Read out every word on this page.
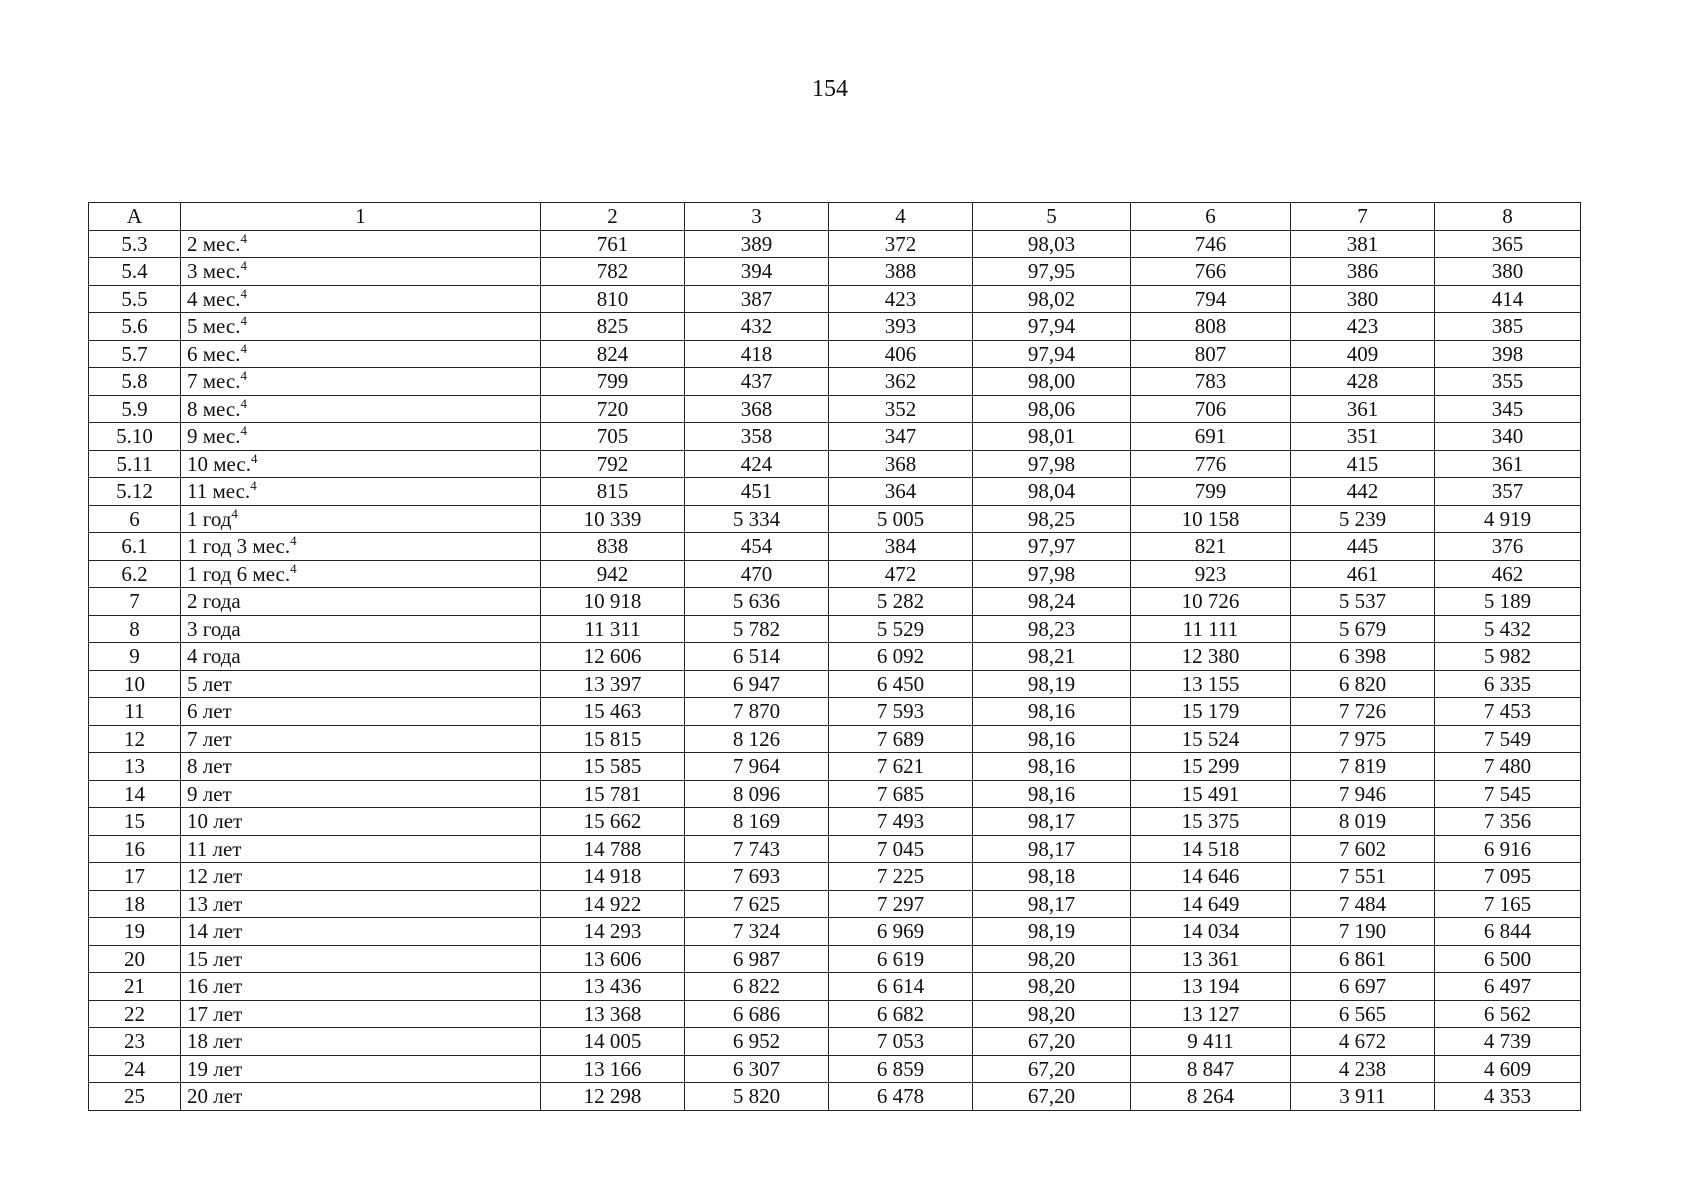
154
А	1	2	3	4	5	6	7	8
5.3	2 мес.$^4$	761	389	372	98,03	746	381	365
5.4	3 мес.$^4$	782	394	388	97,95	766	386	380
5.5	4 мес.$^4$	810	387	423	98,02	794	380	414
5.6	5 мес.$^4$	825	432	393	97,94	808	423	385
5.7	6 мес.$^4$	824	418	406	97,94	807	409	398
5.8	7 мес.$^4$	799	437	362	98,00	783	428	355
5.9	8 мес.$^4$	720	368	352	98,06	706	361	345
5.10	9 мес.$^4$	705	358	347	98,01	691	351	340
5.11	10 мес.$^4$	792	424	368	97,98	776	415	361
5.12	11 мес.$^4$	815	451	364	98,04	799	442	357
6	1 год$^4$	10 339	5 334	5 005	98,25	10 158	5 239	4 919
6.1	1 год 3 мес.$^4$	838	454	384	97,97	821	445	376
6.2	1 год 6 мес.$^4$	942	470	472	97,98	923	461	462
7	2 года	10 918	5 636	5 282	98,24	10 726	5 537	5 189
8	3 года	11 311	5 782	5 529	98,23	11 111	5 679	5 432
9	4 года	12 606	6 514	6 092	98,21	12 380	6 398	5 982
10	5 лет	13 397	6 947	6 450	98,19	13 155	6 820	6 335
11	6 лет	15 463	7 870	7 593	98,16	15 179	7 726	7 453
12	7 лет	15 815	8 126	7 689	98,16	15 524	7 975	7 549
13	8 лет	15 585	7 964	7 621	98,16	15 299	7 819	7 480
14	9 лет	15 781	8 096	7 685	98,16	15 491	7 946	7 545
15	10 лет	15 662	8 169	7 493	98,17	15 375	8 019	7 356
16	11 лет	14 788	7 743	7 045	98,17	14 518	7 602	6 916
17	12 лет	14 918	7 693	7 225	98,18	14 646	7 551	7 095
18	13 лет	14 922	7 625	7 297	98,17	14 649	7 484	7 165
19	14 лет	14 293	7 324	6 969	98,19	14 034	7 190	6 844
20	15 лет	13 606	6 987	6 619	98,20	13 361	6 861	6 500
21	16 лет	13 436	6 822	6 614	98,20	13 194	6 697	6 497
22	17 лет	13 368	6 686	6 682	98,20	13 127	6 565	6 562
23	18 лет	14 005	6 952	7 053	67,20	9 411	4 672	4 739
24	19 лет	13 166	6 307	6 859	67,20	8 847	4 238	4 609
25	20 лет	12 298	5 820	6 478	67,20	8 264	3 911	4 353
